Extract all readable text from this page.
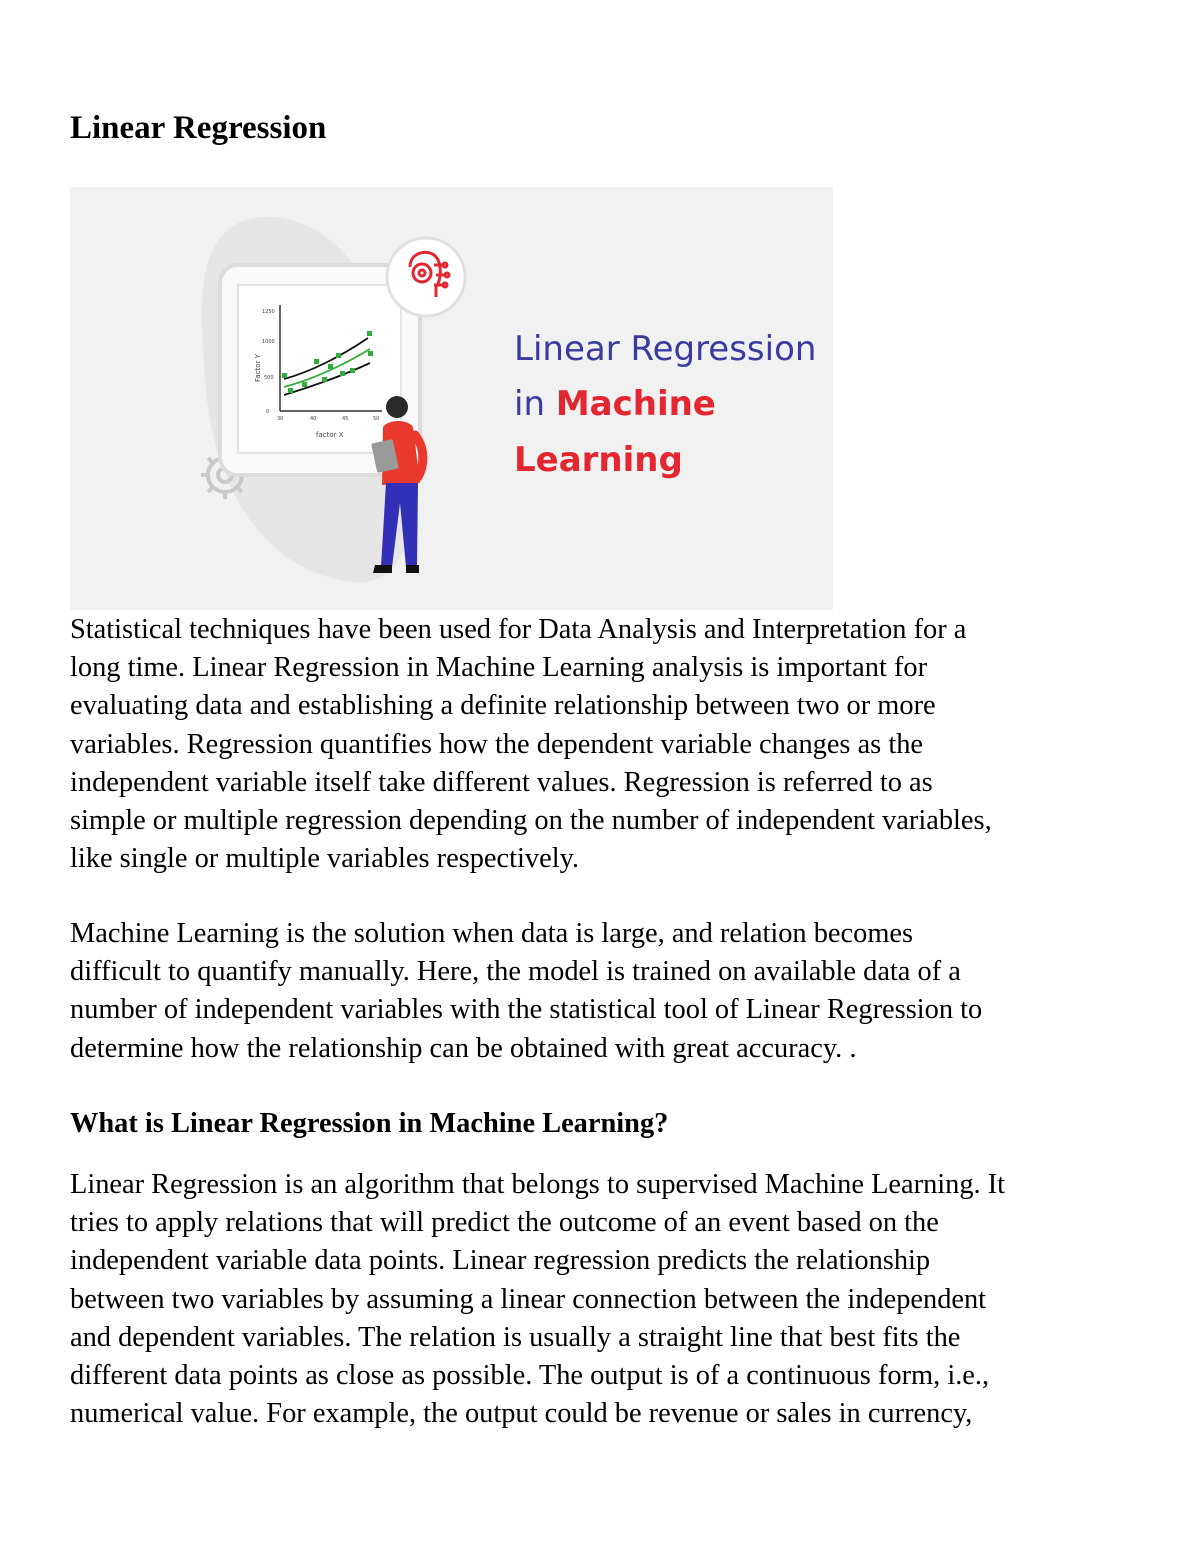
Linear Regression
Factor Y
factor X
0
500
1000
1250
30	40	45	50
Linear Regression
in Machine
Learning
Statistical techniques have been used for Data Analysis and Interpretation for a
long time. Linear Regression in Machine Learning analysis is important for
evaluating data and establishing a definite relationship between two or more
variables. Regression quantifies how the dependent variable changes as the
independent variable itself take different values. Regression is referred to as
simple or multiple regression depending on the number of independent variables,
like single or multiple variables respectively.
Machine Learning is the solution when data is large, and relation becomes
difficult to quantify manually. Here, the model is trained on available data of a
number of independent variables with the statistical tool of Linear Regression to
determine how the relationship can be obtained with great accuracy. .
What is Linear Regression in Machine Learning?
Linear Regression is an algorithm that belongs to supervised Machine Learning. It
tries to apply relations that will predict the outcome of an event based on the
independent variable data points. Linear regression predicts the relationship
between two variables by assuming a linear connection between the independent
and dependent variables. The relation is usually a straight line that best fits the
different data points as close as possible. The output is of a continuous form, i.e.,
numerical value. For example, the output could be revenue or sales in currency,
